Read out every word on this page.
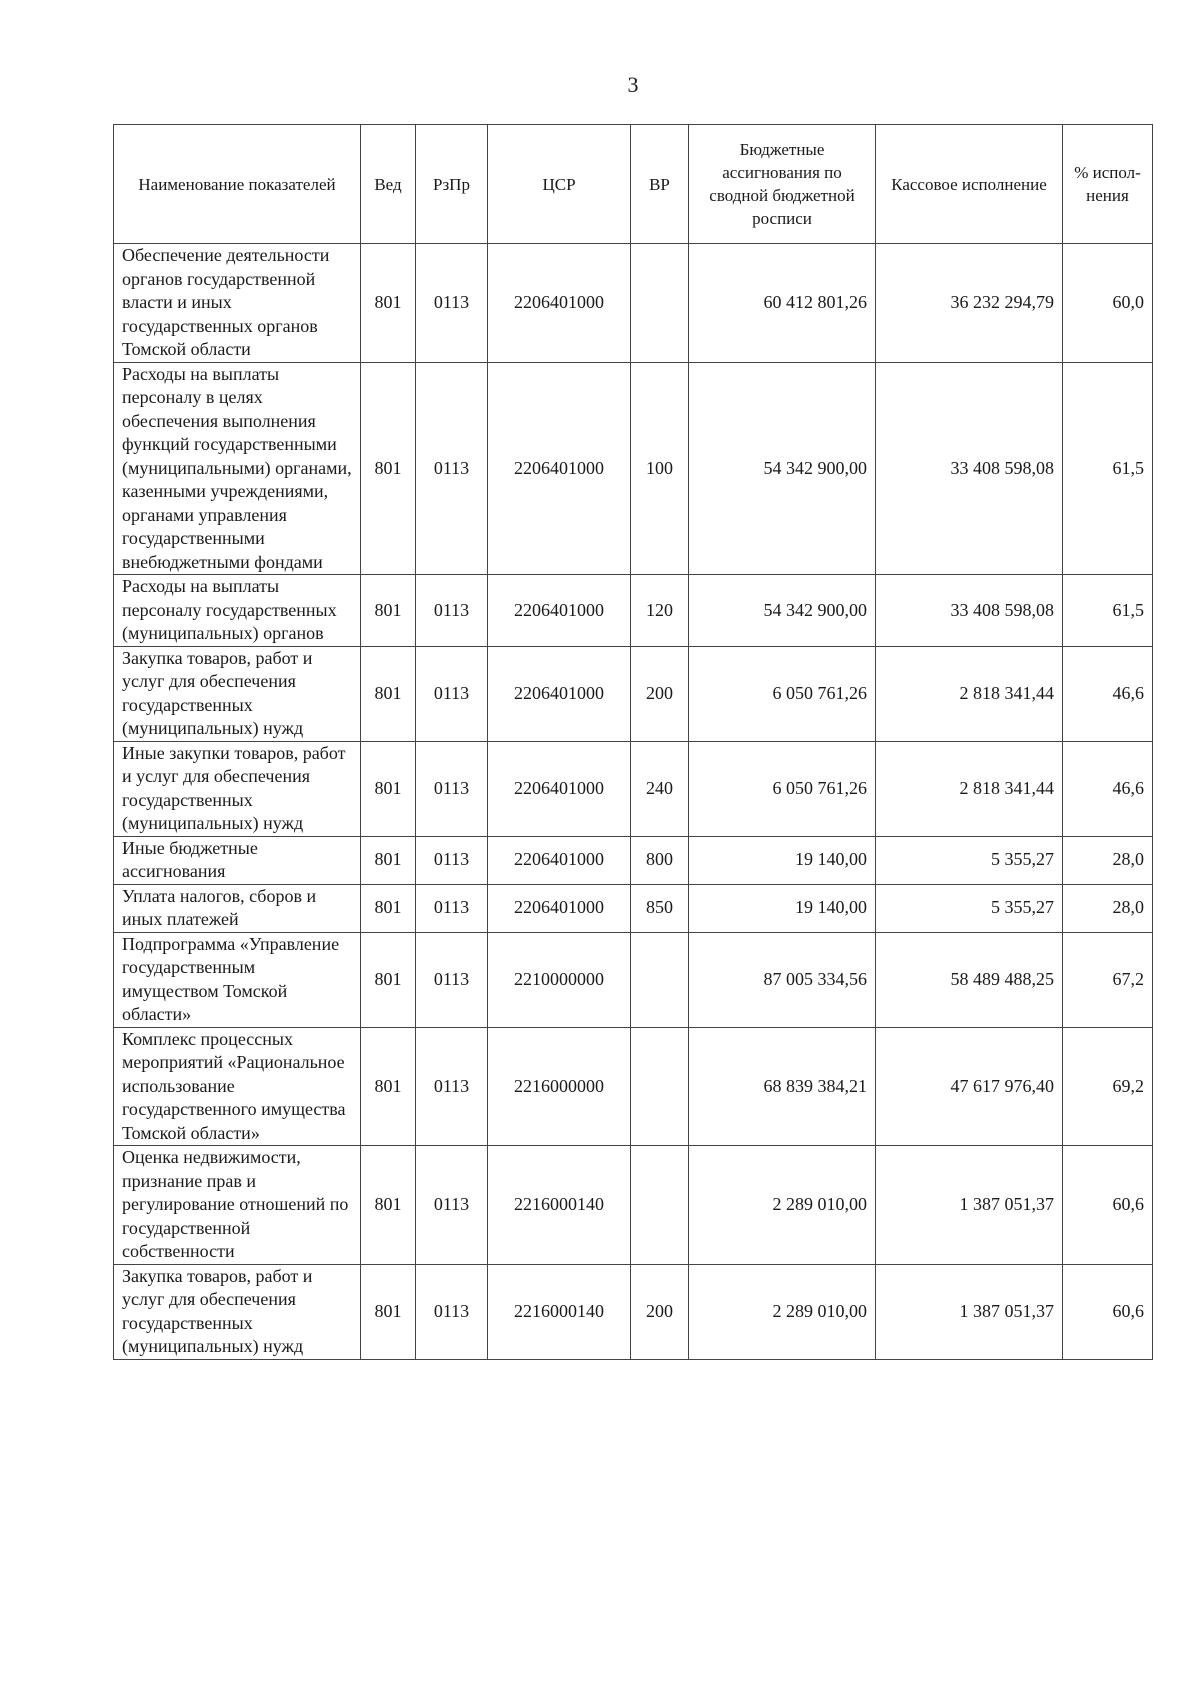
3
Наименование показателей	Вед	РзПр	ЦСР	ВР	Бюджетные ассигнования по сводной бюджетной росписи	Кассовое исполнение	% испол-нения
Обеспечение деятельности органов государственной власти и иных государственных органов Томской области	801	0113	2206401000		60 412 801,26	36 232 294,79	60,0
Расходы на выплаты персоналу в целях обеспечения выполнения функций государственными (муниципальными) органами, казенными учреждениями, органами управления государственными внебюджетными фондами	801	0113	2206401000	100	54 342 900,00	33 408 598,08	61,5
Расходы на выплаты персоналу государственных (муниципальных) органов	801	0113	2206401000	120	54 342 900,00	33 408 598,08	61,5
Закупка товаров, работ и услуг для обеспечения государственных (муниципальных) нужд	801	0113	2206401000	200	6 050 761,26	2 818 341,44	46,6
Иные закупки товаров, работ и услуг для обеспечения государственных (муниципальных) нужд	801	0113	2206401000	240	6 050 761,26	2 818 341,44	46,6
Иные бюджетные ассигнования	801	0113	2206401000	800	19 140,00	5 355,27	28,0
Уплата налогов, сборов и иных платежей	801	0113	2206401000	850	19 140,00	5 355,27	28,0
Подпрограмма «Управление государственным имуществом Томской области»	801	0113	2210000000		87 005 334,56	58 489 488,25	67,2
Комплекс процессных мероприятий «Рациональное использование государственного имущества Томской области»	801	0113	2216000000		68 839 384,21	47 617 976,40	69,2
Оценка недвижимости, признание прав и регулирование отношений по государственной собственности	801	0113	2216000140		2 289 010,00	1 387 051,37	60,6
Закупка товаров, работ и услуг для обеспечения государственных (муниципальных) нужд	801	0113	2216000140	200	2 289 010,00	1 387 051,37	60,6
